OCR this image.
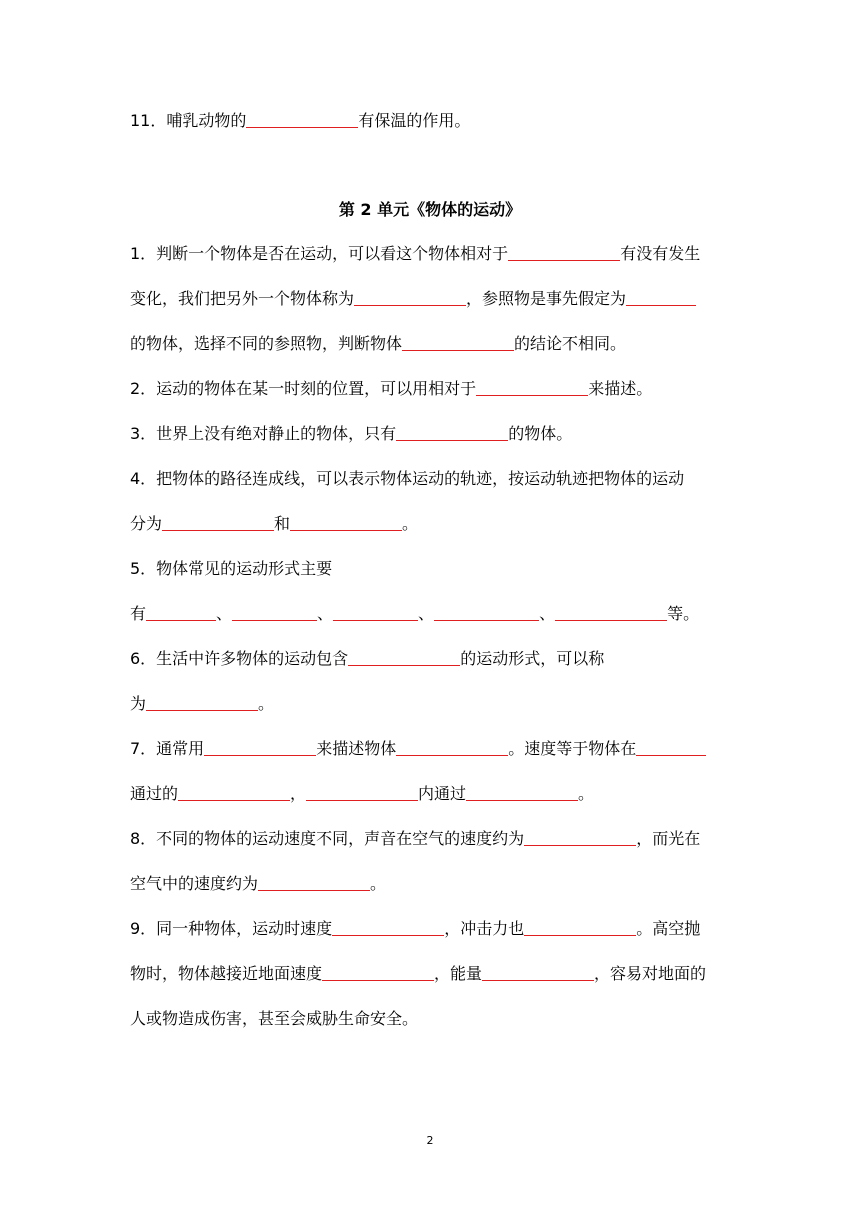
11．哺乳动物的	有保温的作用。
第 2 单元《物体的运动》
1．判断一个物体是否在运动，可以看这个物体相对于	有没有发生
变化，我们把另外一个物体称为	，参照物是事先假定为
的物体，选择不同的参照物，判断物体	的结论不相同。
2．运动的物体在某一时刻的位置，可以用相对于	来描述。
3．世界上没有绝对静止的物体，只有	的物体。
4．把物体的路径连成线，可以表示物体运动的轨迹，按运动轨迹把物体的运动
分为	和	。
5．物体常见的运动形式主要
有	、	、	、	、	等。
6．生活中许多物体的运动包含	的运动形式，可以称
为	。
7．通常用	来描述物体	。速度等于物体在
通过的	，	内通过	。
8．不同的物体的运动速度不同，声音在空气的速度约为	，而光在
空气中的速度约为	。
9．同一种物体，运动时速度	，冲击力也	。高空抛
物时，物体越接近地面速度	，能量	，容易对地面的
人或物造成伤害，甚至会威胁生命安全。
2
